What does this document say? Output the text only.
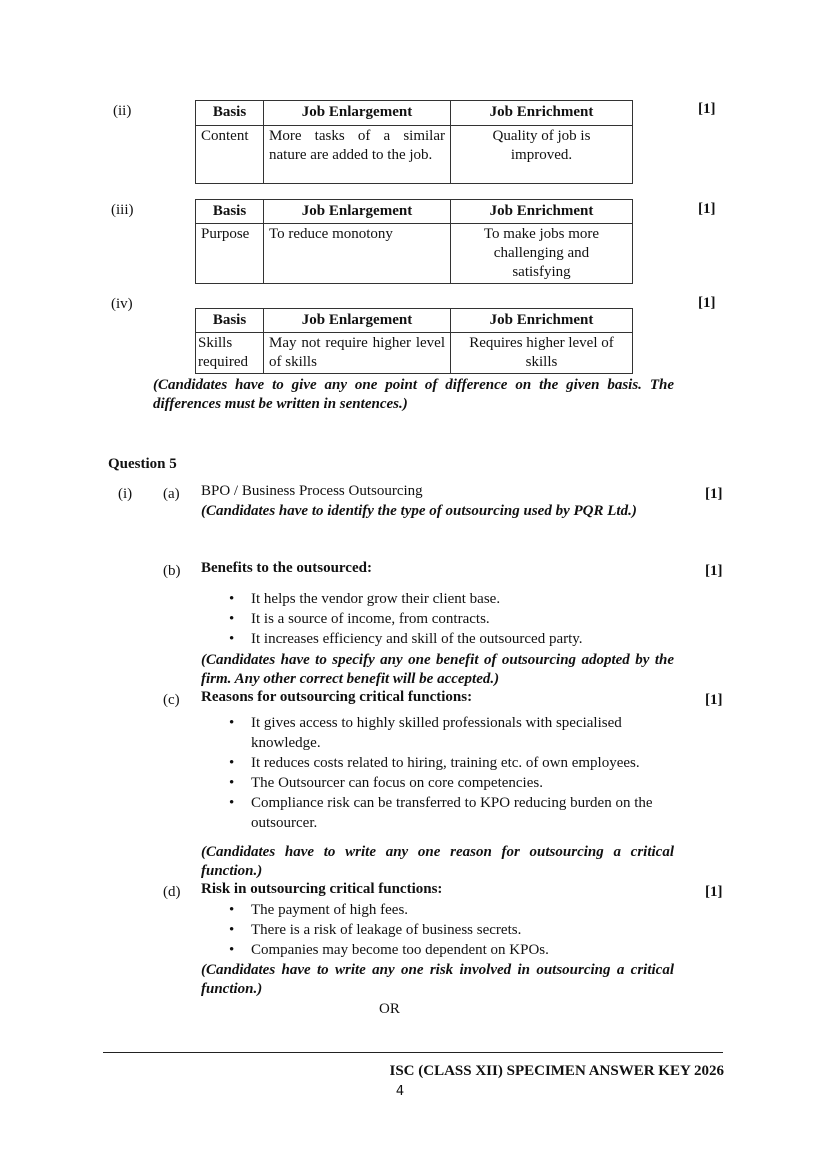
(ii)	[1]
Basis	Job Enlargement	Job Enrichment
Content	More tasks of a similar nature are added to the job.	Quality of job is improved.
(iii)	[1]
Basis	Job Enlargement	Job Enrichment
Purpose	To reduce monotony	To make jobs more challenging and satisfying
(iv)	[1]
Basis	Job Enlargement	Job Enrichment
Skills required	May not require higher level of skills	Requires higher level of skills
(Candidates have to give any one point of difference on the given basis. The differences must be written in sentences.)
Question 5
(i) (a) BPO / Business Process Outsourcing	[1]
(Candidates have to identify the type of outsourcing used by PQR Ltd.)
(b) Benefits to the outsourced:	[1]
• It helps the vendor grow their client base.
• It is a source of income, from contracts.
• It increases efficiency and skill of the outsourced party.
(Candidates have to specify any one benefit of outsourcing adopted by the firm. Any other correct benefit will be accepted.)
(c) Reasons for outsourcing critical functions:	[1]
• It gives access to highly skilled professionals with specialised knowledge.
• It reduces costs related to hiring, training etc. of own employees.
• The Outsourcer can focus on core competencies.
• Compliance risk can be transferred to KPO reducing burden on the outsourcer.
(Candidates have to write any one reason for outsourcing a critical function.)
(d) Risk in outsourcing critical functions:	[1]
• The payment of high fees.
• There is a risk of leakage of business secrets.
• Companies may become too dependent on KPOs.
(Candidates have to write any one risk involved in outsourcing a critical function.)
OR
ISC (CLASS XII) SPECIMEN ANSWER KEY 2026
4
